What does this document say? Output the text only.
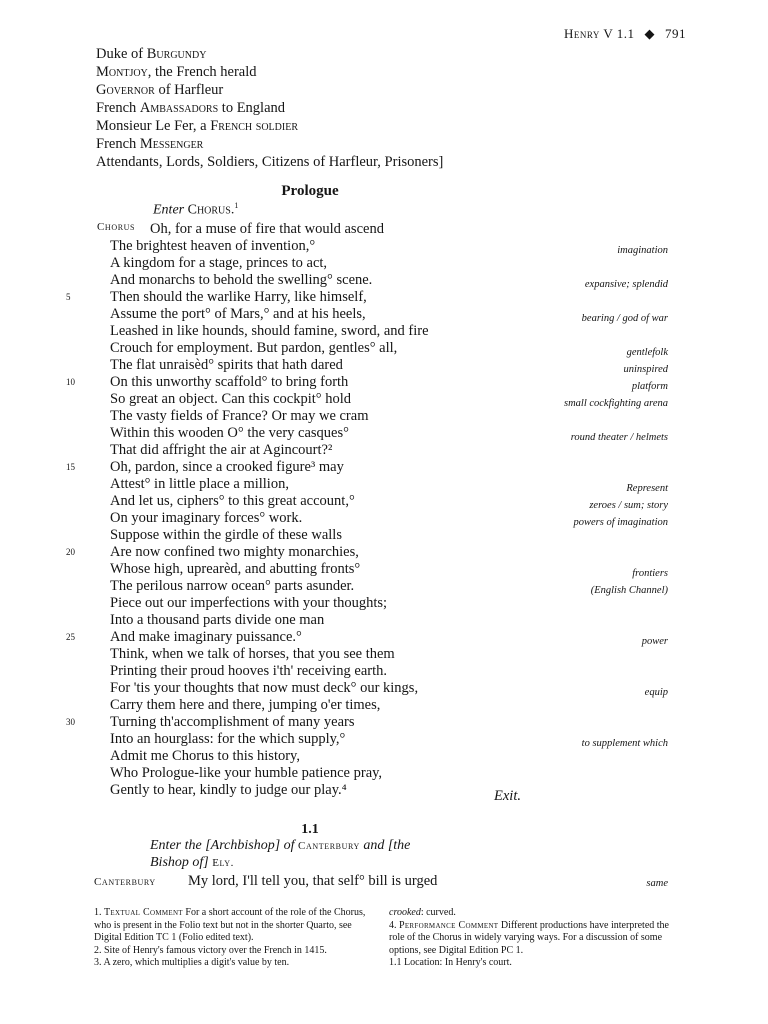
Henry V 1.1 ◆ 791
Duke of Burgundy
Montjoy, the French herald
Governor of Harfleur
French Ambassadors to England
Monsieur Le Fer, a French soldier
French Messenger
Attendants, Lords, Soldiers, Citizens of Harfleur, Prisoners]
Prologue
Enter Chorus.$^1$
Chorus	Oh, for a muse of fire that would ascend
The brightest heaven of invention,°
A kingdom for a stage, princes to act,
And monarchs to behold the swelling° scene.
Then should the warlike Harry, like himself,
Assume the port° of Mars,° and at his heels,
Leashed in like hounds, should famine, sword, and fire
Crouch for employment. But pardon, gentles° all,
The flat unraisèd° spirits that hath dared
On this unworthy scaffold° to bring forth
So great an object. Can this cockpit° hold
The vasty fields of France? Or may we cram
Within this wooden O° the very casques°
That did affright the air at Agincourt?²
Oh, pardon, since a crooked figure³ may
Attest° in little place a million,
And let us, ciphers° to this great account,°
On your imaginary forces° work.
Suppose within the girdle of these walls
Are now confined two mighty monarchies,
Whose high, uprearèd, and abutting fronts°
The perilous narrow ocean° parts asunder.
Piece out our imperfections with your thoughts;
Into a thousand parts divide one man
And make imaginary puissance.°
Think, when we talk of horses, that you see them
Printing their proud hooves i'th' receiving earth.
For 'tis your thoughts that now must deck° our kings,
Carry them here and there, jumping o'er times,
Turning th'accomplishment of many years
Into an hourglass: for the which supply,°
Admit me Chorus to this history,
Who Prologue-like your humble patience pray,
Gently to hear, kindly to judge our play.⁴
5
10
15
20
25
30
imagination
expansive; splendid
bearing / god of war
gentlefolk
uninspired
platform
small cockfighting arena
round theater / helmets
Represent
zeroes / sum; story
powers of imagination
frontiers
(English Channel)
power
equip
to supplement which
Exit.
1.1
Enter the [Archbishop] of Canterbury and [the
Bishop of] Ely.
Canterbury My lord, I'll tell you, that self° bill is urged	same
1. Textual Comment For a short account of the role of the Chorus, who is present in the Folio text but not in the shorter Quarto, see Digital Edition TC 1 (Folio edited text).
2. Site of Henry's famous victory over the French in 1415.
3. A zero, which multiplies a digit's value by ten.
crooked: curved.
4. Performance Comment Different productions have interpreted the role of the Chorus in widely varying ways. For a discussion of some options, see Digital Edition PC 1.
1.1 Location: In Henry's court.
